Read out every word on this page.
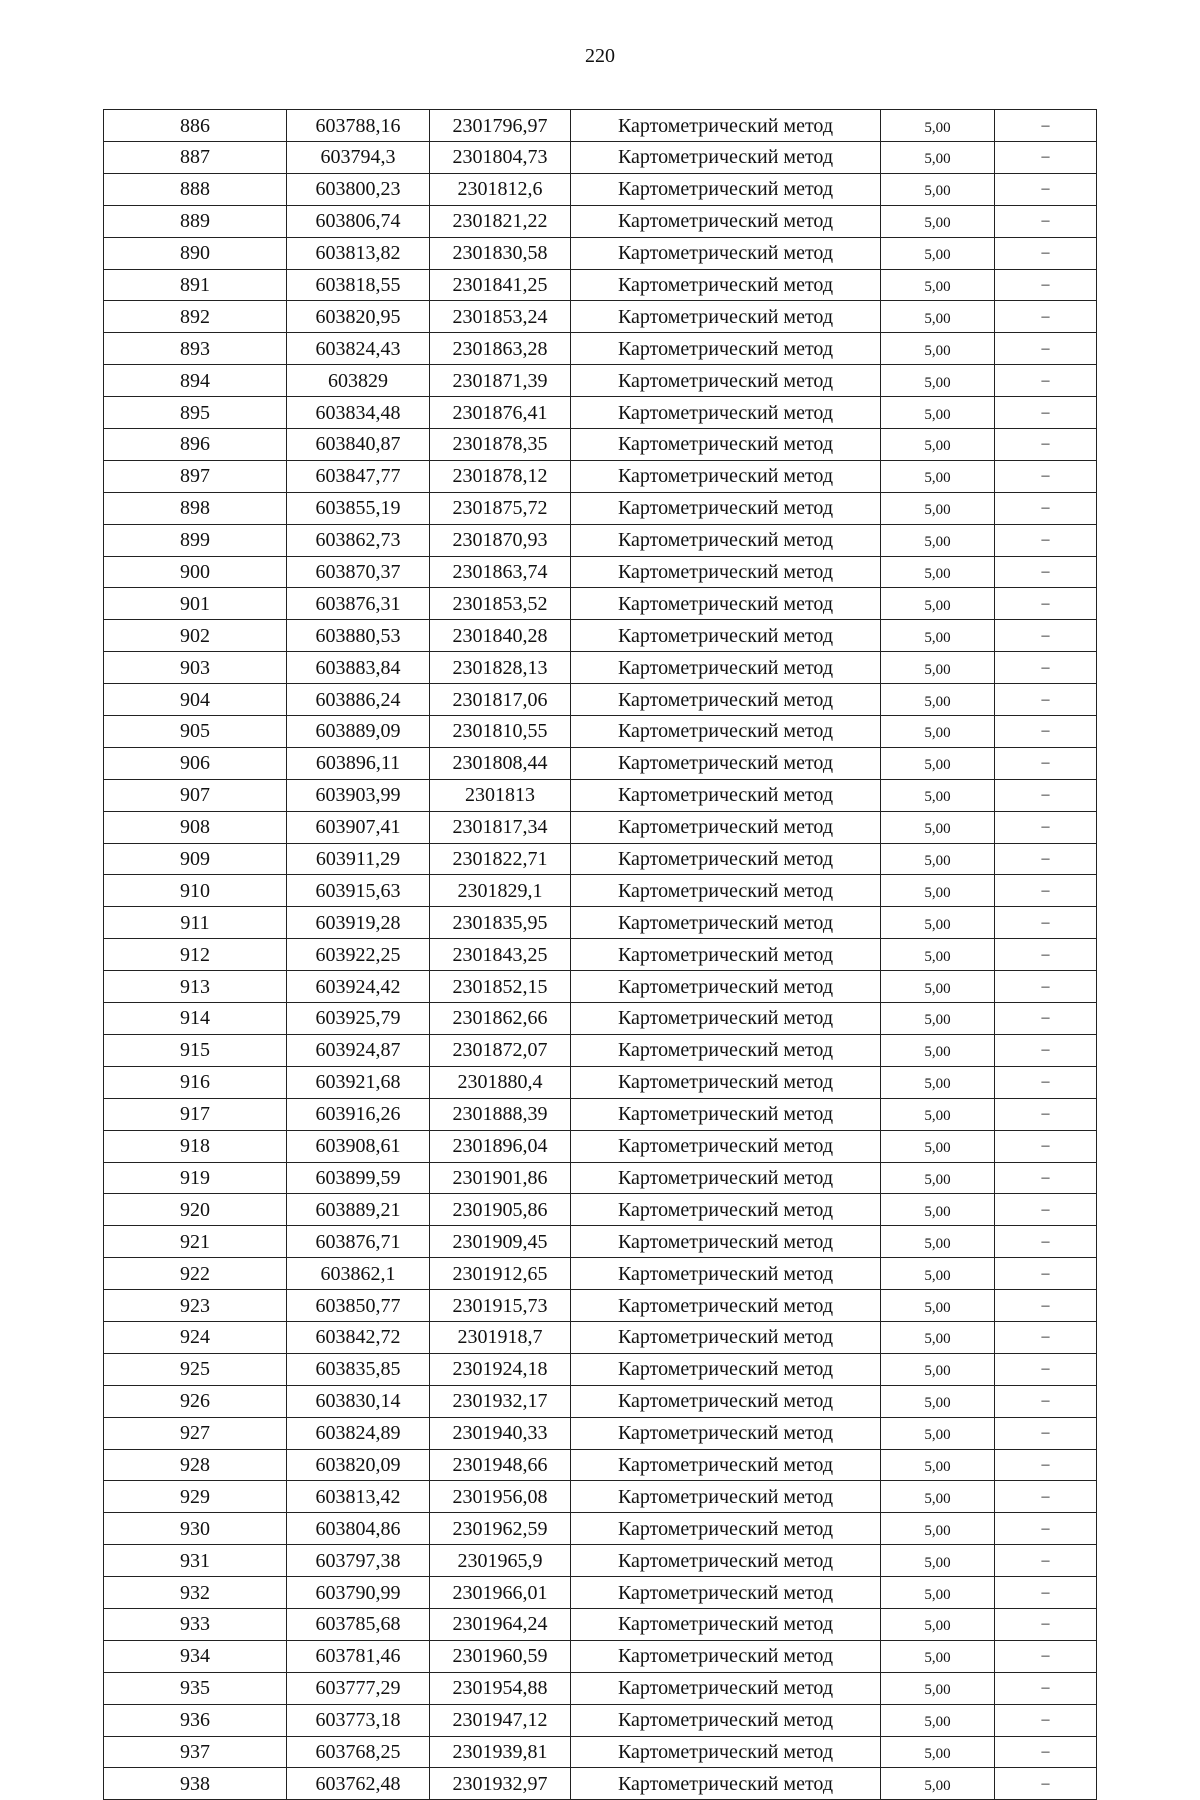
220
886	603788,16	2301796,97	Картометрический метод	5,00	–
887	603794,3	2301804,73	Картометрический метод	5,00	–
888	603800,23	2301812,6	Картометрический метод	5,00	–
889	603806,74	2301821,22	Картометрический метод	5,00	–
890	603813,82	2301830,58	Картометрический метод	5,00	–
891	603818,55	2301841,25	Картометрический метод	5,00	–
892	603820,95	2301853,24	Картометрический метод	5,00	–
893	603824,43	2301863,28	Картометрический метод	5,00	–
894	603829	2301871,39	Картометрический метод	5,00	–
895	603834,48	2301876,41	Картометрический метод	5,00	–
896	603840,87	2301878,35	Картометрический метод	5,00	–
897	603847,77	2301878,12	Картометрический метод	5,00	–
898	603855,19	2301875,72	Картометрический метод	5,00	–
899	603862,73	2301870,93	Картометрический метод	5,00	–
900	603870,37	2301863,74	Картометрический метод	5,00	–
901	603876,31	2301853,52	Картометрический метод	5,00	–
902	603880,53	2301840,28	Картометрический метод	5,00	–
903	603883,84	2301828,13	Картометрический метод	5,00	–
904	603886,24	2301817,06	Картометрический метод	5,00	–
905	603889,09	2301810,55	Картометрический метод	5,00	–
906	603896,11	2301808,44	Картометрический метод	5,00	–
907	603903,99	2301813	Картометрический метод	5,00	–
908	603907,41	2301817,34	Картометрический метод	5,00	–
909	603911,29	2301822,71	Картометрический метод	5,00	–
910	603915,63	2301829,1	Картометрический метод	5,00	–
911	603919,28	2301835,95	Картометрический метод	5,00	–
912	603922,25	2301843,25	Картометрический метод	5,00	–
913	603924,42	2301852,15	Картометрический метод	5,00	–
914	603925,79	2301862,66	Картометрический метод	5,00	–
915	603924,87	2301872,07	Картометрический метод	5,00	–
916	603921,68	2301880,4	Картометрический метод	5,00	–
917	603916,26	2301888,39	Картометрический метод	5,00	–
918	603908,61	2301896,04	Картометрический метод	5,00	–
919	603899,59	2301901,86	Картометрический метод	5,00	–
920	603889,21	2301905,86	Картометрический метод	5,00	–
921	603876,71	2301909,45	Картометрический метод	5,00	–
922	603862,1	2301912,65	Картометрический метод	5,00	–
923	603850,77	2301915,73	Картометрический метод	5,00	–
924	603842,72	2301918,7	Картометрический метод	5,00	–
925	603835,85	2301924,18	Картометрический метод	5,00	–
926	603830,14	2301932,17	Картометрический метод	5,00	–
927	603824,89	2301940,33	Картометрический метод	5,00	–
928	603820,09	2301948,66	Картометрический метод	5,00	–
929	603813,42	2301956,08	Картометрический метод	5,00	–
930	603804,86	2301962,59	Картометрический метод	5,00	–
931	603797,38	2301965,9	Картометрический метод	5,00	–
932	603790,99	2301966,01	Картометрический метод	5,00	–
933	603785,68	2301964,24	Картометрический метод	5,00	–
934	603781,46	2301960,59	Картометрический метод	5,00	–
935	603777,29	2301954,88	Картометрический метод	5,00	–
936	603773,18	2301947,12	Картометрический метод	5,00	–
937	603768,25	2301939,81	Картометрический метод	5,00	–
938	603762,48	2301932,97	Картометрический метод	5,00	–
